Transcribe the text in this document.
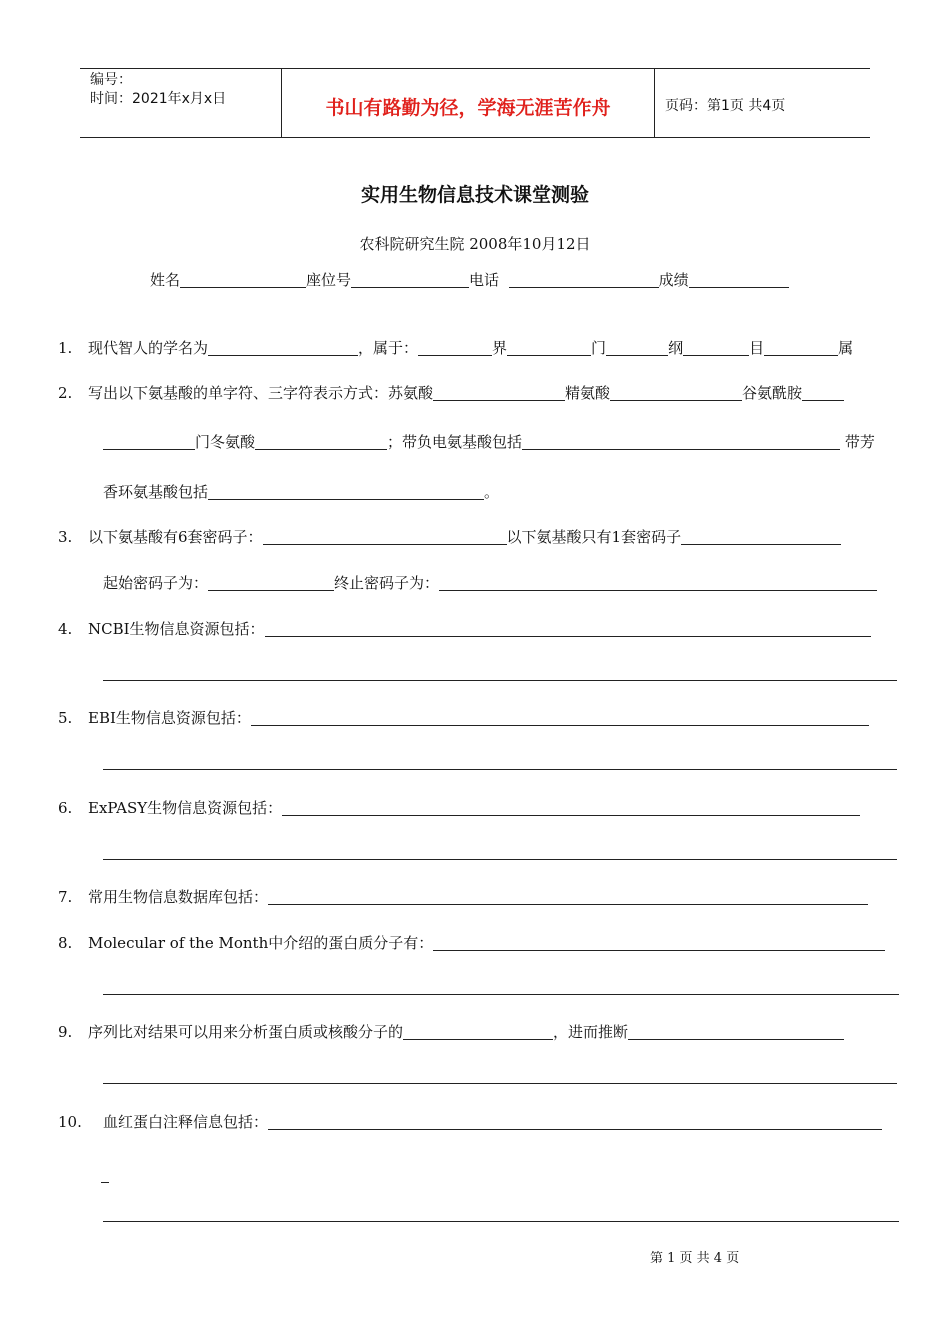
编号：
时间：2021年x月x日	书山有路勤为径，学海无涯苦作舟	页码：第1页 共4页
实用生物信息技术课堂测验
农科院研究生院 2008年10月12日
姓名	座位号	电话	成绩
1. 现代智人的学名为	，属于：	界	门	纲	目	属
2. 写出以下氨基酸的单字符、三字符表示方式：苏氨酸	精氨酸	谷氨酰胺
门冬氨酸	；带负电氨基酸包括	带芳
香环氨基酸包括	。
3. 以下氨基酸有6套密码子：	以下氨基酸只有1套密码子
起始密码子为：	终止密码子为：
4. NCBI生物信息资源包括：
5. EBI生物信息资源包括：
6. ExPASY生物信息资源包括：
7. 常用生物信息数据库包括：
8. Molecular of the Month中介绍的蛋白质分子有：
9. 序列比对结果可以用来分析蛋白质或核酸分子的	，进而推断
10. 血红蛋白注释信息包括：
第 1 页 共 4 页
